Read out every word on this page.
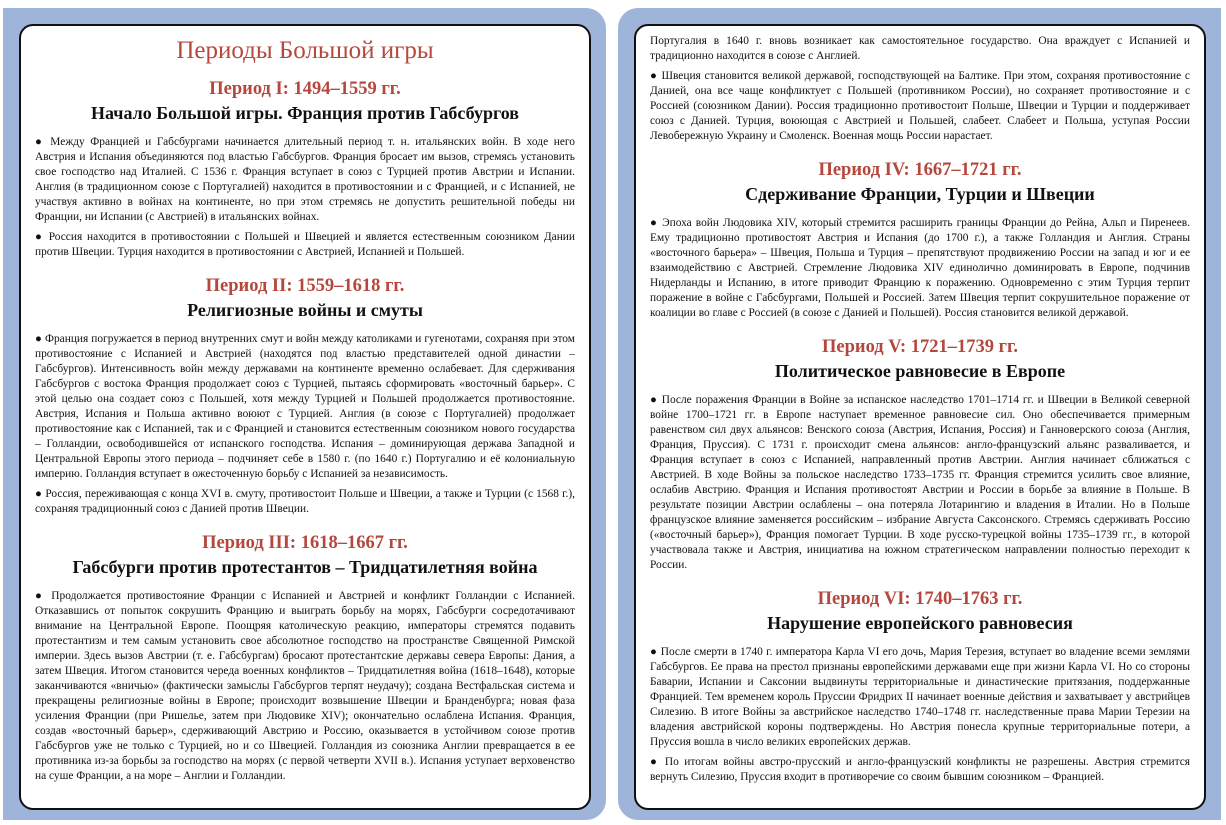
Периоды Большой игры
Период I: 1494–1559 гг.
Начало Большой игры. Франция против Габсбургов

● Между Францией и Габсбургами начинается длительный период т. н. итальянских войн. В ходе него Австрия и Испания объединяются под властью Габсбургов. Франция бросает им вызов, стремясь установить свое господство над Италией. С 1536 г. Франция вступает в союз с Турцией против Австрии и Испании. Англия (в традиционном союзе с Португалией) находится в противостоянии и с Францией, и с Испанией, не участвуя активно в войнах на континенте, но при этом стремясь не допустить решительной победы ни Франции, ни Испании (с Австрией) в итальянских войнах.

● Россия находится в противостоянии с Польшей и Швецией и является естественным союзником Дании против Швеции. Турция находится в противостоянии с Австрией, Испанией и Польшей.

Период II: 1559–1618 гг.
Религиозные войны и смуты

● Франция погружается в период внутренних смут и войн между католиками и гугенотами, сохраняя при этом противостояние с Испанией и Австрией (находятся под властью представителей одной династии – Габсбургов). Интенсивность войн между державами на континенте временно ослабевает. Для сдерживания Габсбургов с востока Франция продолжает союз с Турцией, пытаясь сформировать «восточный барьер». С этой целью она создает союз с Польшей, хотя между Турцией и Польшей продолжается противостояние. Австрия, Испания и Польша активно воюют с Турцией. Англия (в союзе с Португалией) продолжает противостояние как с Испанией, так и с Францией и становится естественным союзником нового государства – Голландии, освободившейся от испанского господства. Испания – доминирующая держава Западной и Центральной Европы этого периода – подчиняет себе в 1580 г. (по 1640 г.) Португалию и её колониальную империю. Голландия вступает в ожесточенную борьбу с Испанией за независимость.

● Россия, переживающая с конца XVI в. смуту, противостоит Польше и Швеции, а также и Турции (с 1568 г.), сохраняя традиционный союз с Данией против Швеции.

Период III: 1618–1667 гг.
Габсбурги против протестантов – Тридцатилетняя война

● Продолжается противостояние Франции с Испанией и Австрией и конфликт Голландии с Испанией. Отказавшись от попыток сокрушить Францию и выиграть борьбу на морях, Габсбурги сосредотачивают внимание на Центральной Европе. Поощряя католическую реакцию, императоры стремятся подавить протестантизм и тем самым установить свое абсолютное господство на пространстве Священной Римской империи. Здесь вызов Австрии (т. е. Габсбургам) бросают протестантские державы севера Европы: Дания, а затем Швеция. Итогом становится череда военных конфликтов – Тридцатилетняя война (1618–1648), которые заканчиваются «вничью» (фактически замыслы Габсбургов терпят неудачу); создана Вестфальская система и прекращены религиозные войны в Европе; происходит возвышение Швеции и Бранденбурга; новая фаза усиления Франции (при Ришелье, затем при Людовике XIV); окончательно ослаблена Испания. Франция, создав «восточный барьер», сдерживающий Австрию и Россию, оказывается в устойчивом союзе против Габсбургов уже не только с Турцией, но и со Швецией. Голландия из союзника Англии превращается в ее противника из-за борьбы за господство на морях (с первой четверти XVII в.). Испания уступает верховенство на суше Франции, а на море – Англии и Голландии.

Португалия в 1640 г. вновь возникает как самостоятельное государство. Она враждует с Испанией и традиционно находится в союзе с Англией.

● Швеция становится великой державой, господствующей на Балтике. При этом, сохраняя противостояние с Данией, она все чаще конфликтует с Польшей (противником России), но сохраняет противостояние и с Россией (союзником Дании). Россия традиционно противостоит Польше, Швеции и Турции и поддерживает союз с Данией. Турция, воюющая с Австрией и Польшей, слабеет. Слабеет и Польша, уступая России Левобережную Украину и Смоленск. Военная мощь России нарастает.

Период IV: 1667–1721 гг.
Сдерживание Франции, Турции и Швеции

● Эпоха войн Людовика XIV, который стремится расширить границы Франции до Рейна, Альп и Пиренеев. Ему традиционно противостоят Австрия и Испания (до 1700 г.), а также Голландия и Англия. Страны «восточного барьера» – Швеция, Польша и Турция – препятствуют продвижению России на запад и юг и ее взаимодействию с Австрией. Стремление Людовика XIV единолично доминировать в Европе, подчинив Нидерланды и Испанию, в итоге приводит Францию к поражению. Одновременно с этим Турция терпит поражение в войне с Габсбургами, Польшей и Россией. Затем Швеция терпит сокрушительное поражение от коалиции во главе с Россией (в союзе с Данией и Польшей). Россия становится великой державой.

Период V: 1721–1739 гг.
Политическое равновесие в Европе

● После поражения Франции в Войне за испанское наследство 1701–1714 гг. и Швеции в Великой северной войне 1700–1721 гг. в Европе наступает временное равновесие сил. Оно обеспечивается примерным равенством сил двух альянсов: Венского союза (Австрия, Испания, Россия) и Ганноверского союза (Англия, Франция, Пруссия). С 1731 г. происходит смена альянсов: англо-французский альянс разваливается, и Франция вступает в союз с Испанией, направленный против Австрии. Англия начинает сближаться с Австрией. В ходе Войны за польское наследство 1733–1735 гг. Франция стремится усилить свое влияние, ослабив Австрию. Франция и Испания противостоят Австрии и России в борьбе за влияние в Польше. В результате позиции Австрии ослаблены – она потеряла Лотарингию и владения в Италии. Но в Польше французское влияние заменяется российским – избрание Августа Саксонского. Стремясь сдерживать Россию («восточный барьер»), Франция помогает Турции. В ходе русско-турецкой войны 1735–1739 гг., в которой участвовала также и Австрия, инициатива на южном стратегическом направлении полностью переходит к России.

Период VI: 1740–1763 гг.
Нарушение европейского равновесия

● После смерти в 1740 г. императора Карла VI его дочь, Мария Терезия, вступает во владение всеми землями Габсбургов. Ее права на престол признаны европейскими державами еще при жизни Карла VI. Но со стороны Баварии, Испании и Саксонии выдвинуты территориальные и династические притязания, поддержанные Францией. Тем временем король Пруссии Фридрих II начинает военные действия и захватывает у австрийцев Силезию. В итоге Войны за австрийское наследство 1740–1748 гг. наследственные права Марии Терезии на владения австрийской короны подтверждены. Но Австрия понесла крупные территориальные потери, а Пруссия вошла в число великих европейских держав.

● По итогам войны австро-прусский и англо-французский конфликты не разрешены. Австрия стремится вернуть Силезию, Пруссия входит в противоречие со своим бывшим союзником – Францией.
